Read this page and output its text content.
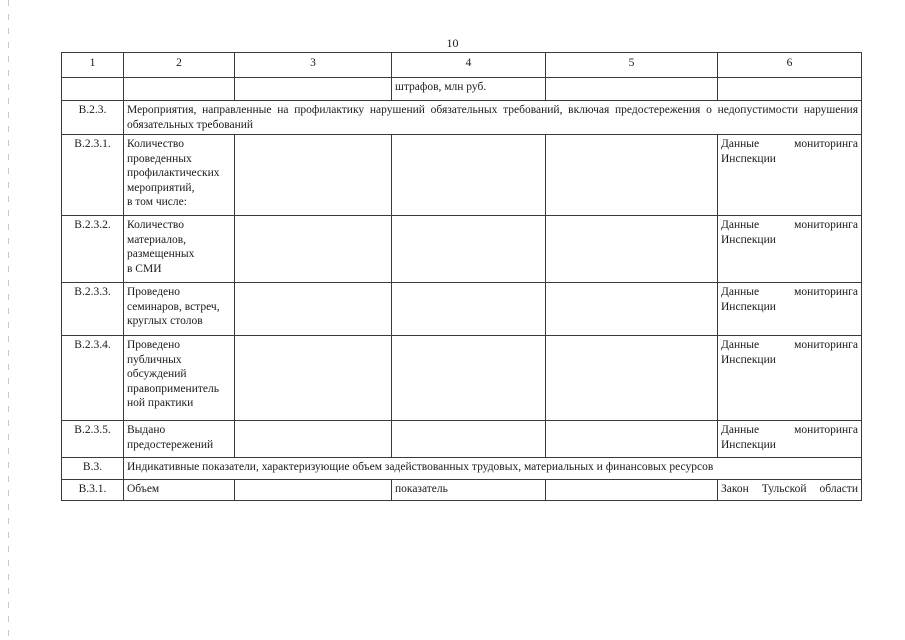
10
1	2	3	4	5	6
			штрафов, млн руб.		
В.2.3.	Мероприятия, направленные на профилактику нарушений обязательных требований, включая предостережения о недопустимости нарушения обязательных требований				
В.2.3.1.	Количество
проведенных
профилактических
мероприятий,
в том числе:				Данные мониторинга
Инспекции

В.2.3.2.	Количество
материалов,
размещенных
в СМИ				Данные мониторинга
Инспекции

В.2.3.3.	Проведено
семинаров, встреч,
круглых столов				Данные мониторинга
Инспекции

В.2.3.4.	Проведено
публичных
обсуждений
правоприменитель
ной практики				Данные мониторинга
Инспекции

В.2.3.5.	Выдано
предостережений				Данные мониторинга
Инспекции

В.3.	Индикативные показатели, характеризующие объем задействованных трудовых, материальных и финансовых ресурсов				
В.3.1.	Объем		показатель		Закон Тульской области
